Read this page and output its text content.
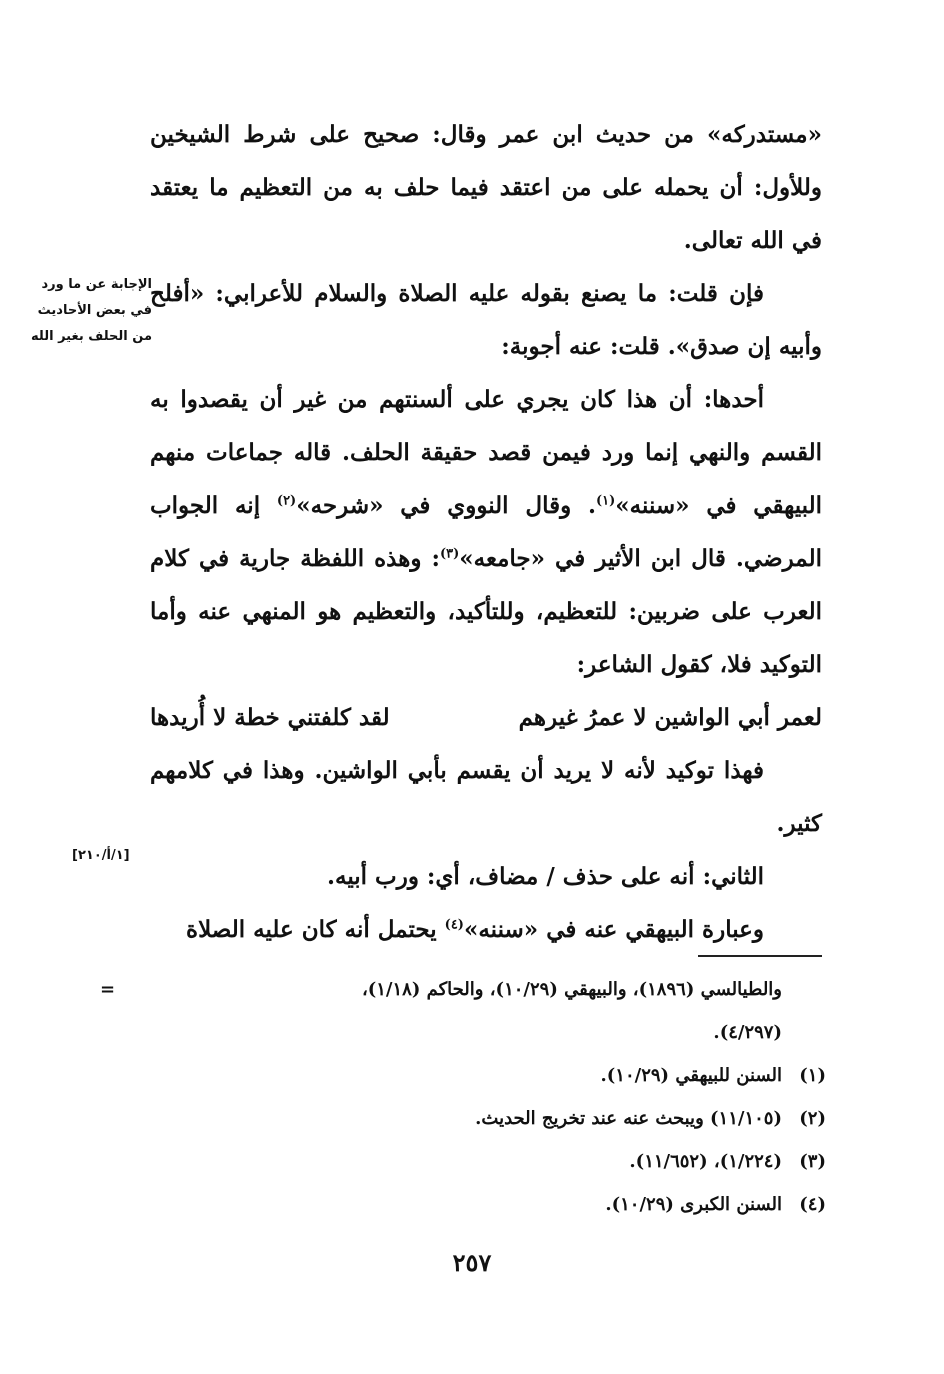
«مستدركه» من حديث ابن عمر وقال: صحيح على شرط الشيخين وللأول: أن يحمله على من اعتقد فيما حلف به من التعظيم ما يعتقد في الله تعالى.

فإن قلت: ما يصنع بقوله عليه الصلاة والسلام للأعرابي: «أفلح وأبيه إن صدق». قلت: عنه أجوبة:

أحدها: أن هذا كان يجري على ألسنتهم من غير أن يقصدوا به القسم والنهي إنما ورد فيمن قصد حقيقة الحلف. قاله جماعات منهم البيهقي في «سننه»$^{(١)}$. وقال النووي في «شرحه»$^{(٢)}$ إنه الجواب المرضي. قال ابن الأثير في «جامعه»$^{(٣)}$: وهذه اللفظة جارية في كلام العرب على ضربين: للتعظيم، وللتأكيد، والتعظيم هو المنهي عنه وأما التوكيد فلا، كقول الشاعر:

لعمر أبي الواشين لا عمرُ غيرهم
لقد كلفتني خطة لا أُريدها

فهذا توكيد لأنه لا يريد أن يقسم بأبي الواشين. وهذا في كلامهم كثير.

الثاني: أنه على حذف / مضاف، أي: ورب أبيه.

وعبارة البيهقي عنه في «سننه»$^{(٤)}$ يحتمل أنه كان عليه الصلاة

الإجابة عن ما ورد في بعض الأحاديث من الحلف بغير الله
[١/أ/٢١٠]
والطيالسي (١٨٩٦)، والبيهقي (١٠/٢٩)، والحاكم (١/١٨)،
=
(٤/٢٩٧).
(١)
السنن للبيهقي (١٠/٢٩).
(٢)
(١١/١٠٥) ويبحث عنه عند تخريج الحديث.
(٣)
(١/٢٢٤)، (١١/٦٥٢).
(٤)
السنن الكبرى (١٠/٢٩).
٢٥٧
